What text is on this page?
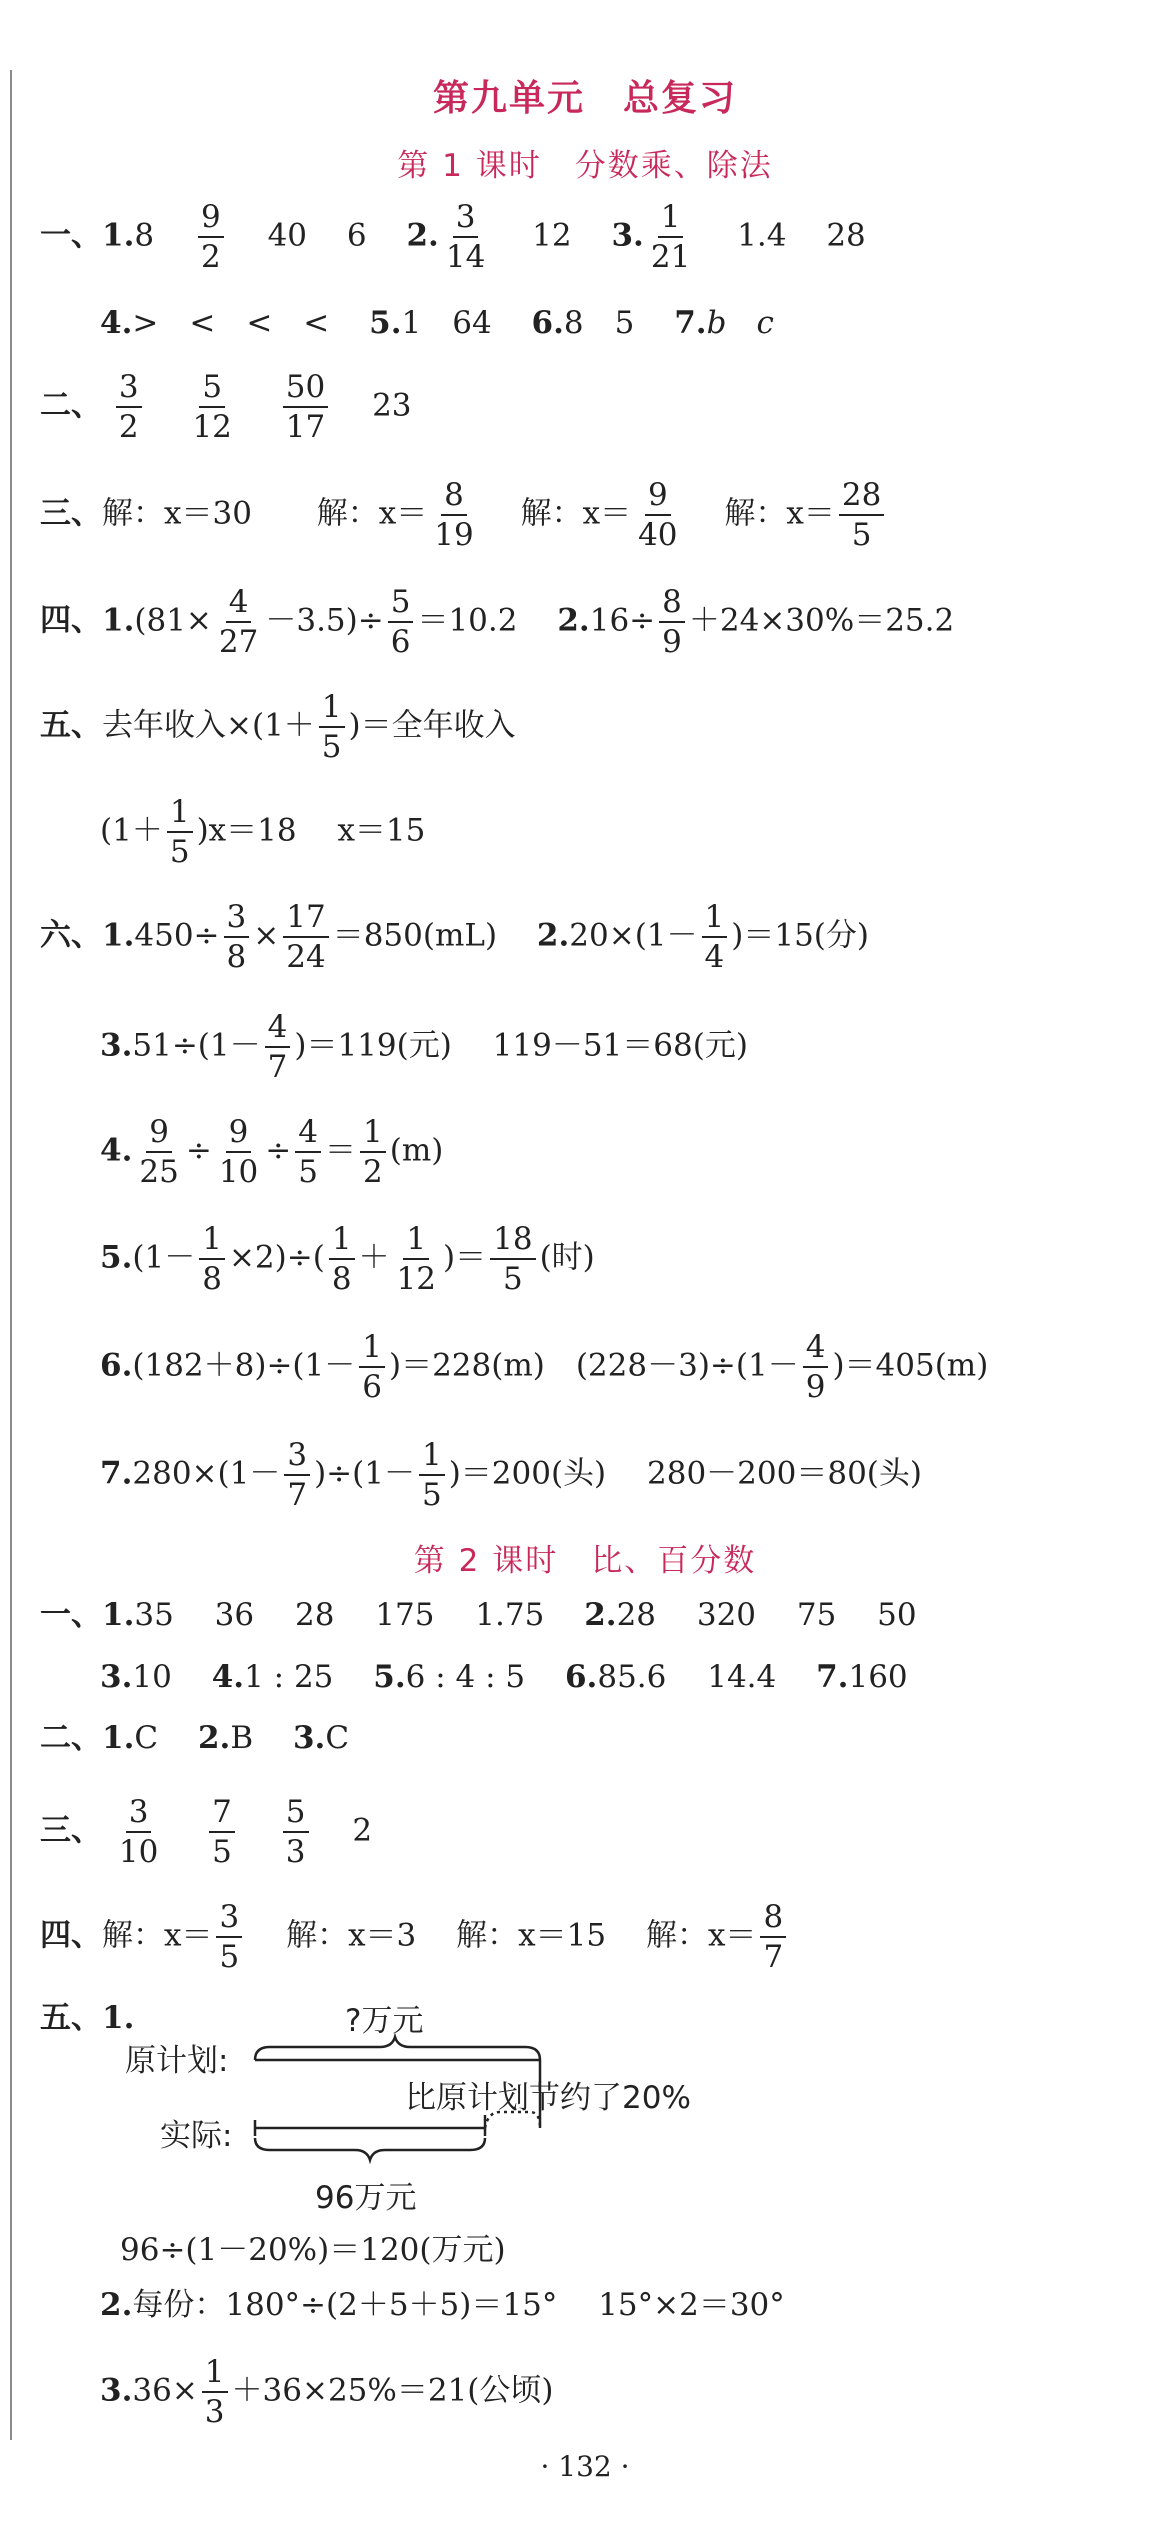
第九单元　总复习
第 1 课时　分数乘、除法
一、$1.8 \frac{9}{2} 40$ 6 2. $\frac{3}{14} 12$ 3. $\frac{1}{21} 1.4$ 28
4.>　<　<　< 5.1　64 6.8　5 7.b c
二、 $\frac{3}{2}$
$\frac{5}{12}$
$\frac{50}{17} 23$
三、解：x＝30 解：$x= \frac{8}{19}$ 解：$x= \frac{9}{40}$ 解：$x= \frac{28}{5}$
四、$1.(81\times \frac{4}{27} -3.5)\div \frac{5}{6} =10.2$ $2.16\div \frac{8}{9} +24\times 30\%=25.2$
五、去年收入$\times(1+ \frac{1}{5}$ )＝全年收入
$(1+ \frac{1}{5} )x=18$　 x＝15
六、$1.450\div \frac{3}{8} \times \frac{17}{24} =850(mL)$ $2.20\times(1- \frac{1}{4} )=15$(分)
$3.51\div(1- \frac{4}{7} )=119$(元)　 119－51＝68(元)
4. $\frac{9}{25} \div \frac{9}{10} \div \frac{4}{5} = \frac{1}{2} (m)$
$5.(1- \frac{1}{8} \times 2)\div( \frac{1}{8} + \frac{1}{12}$ )＝ $\frac{18}{5}$ (时)
$6.(182+8)\div(1- \frac{1}{6} )=228(m)$　$(228-3)\div(1- \frac{4}{9} )=405(m)$
$7.280\times(1- \frac{3}{7} )\div(1- \frac{1}{5} )=200$(头)　 280－200＝80(头)
第 2 课时　比、百分数
一、1.35　 36　 28　 175　 1.75 2.28　 320　 75　 50
3.10 4.1 : 25 5.6 : 4 : 5 6.85.6　 14.4 7.160
二、1.C 2.B 3.C
三、 $\frac{3}{10}$
$\frac{7}{5}$
$\frac{5}{3} 2$
四、解：$x= \frac{3}{5}$ 解：x＝3 解：x＝15 解：$x= \frac{8}{7}$
五、1.	?万元
原计划:
比原计划节约了20%
实际:
96万元
96÷(1－20%)＝120(万元)
2.每份：180°÷(2＋5＋5)＝15°　 15°×2＝30°
$3.36\times \frac{1}{3} +36\times 25\%=21$(公顷)
· 132 ·
